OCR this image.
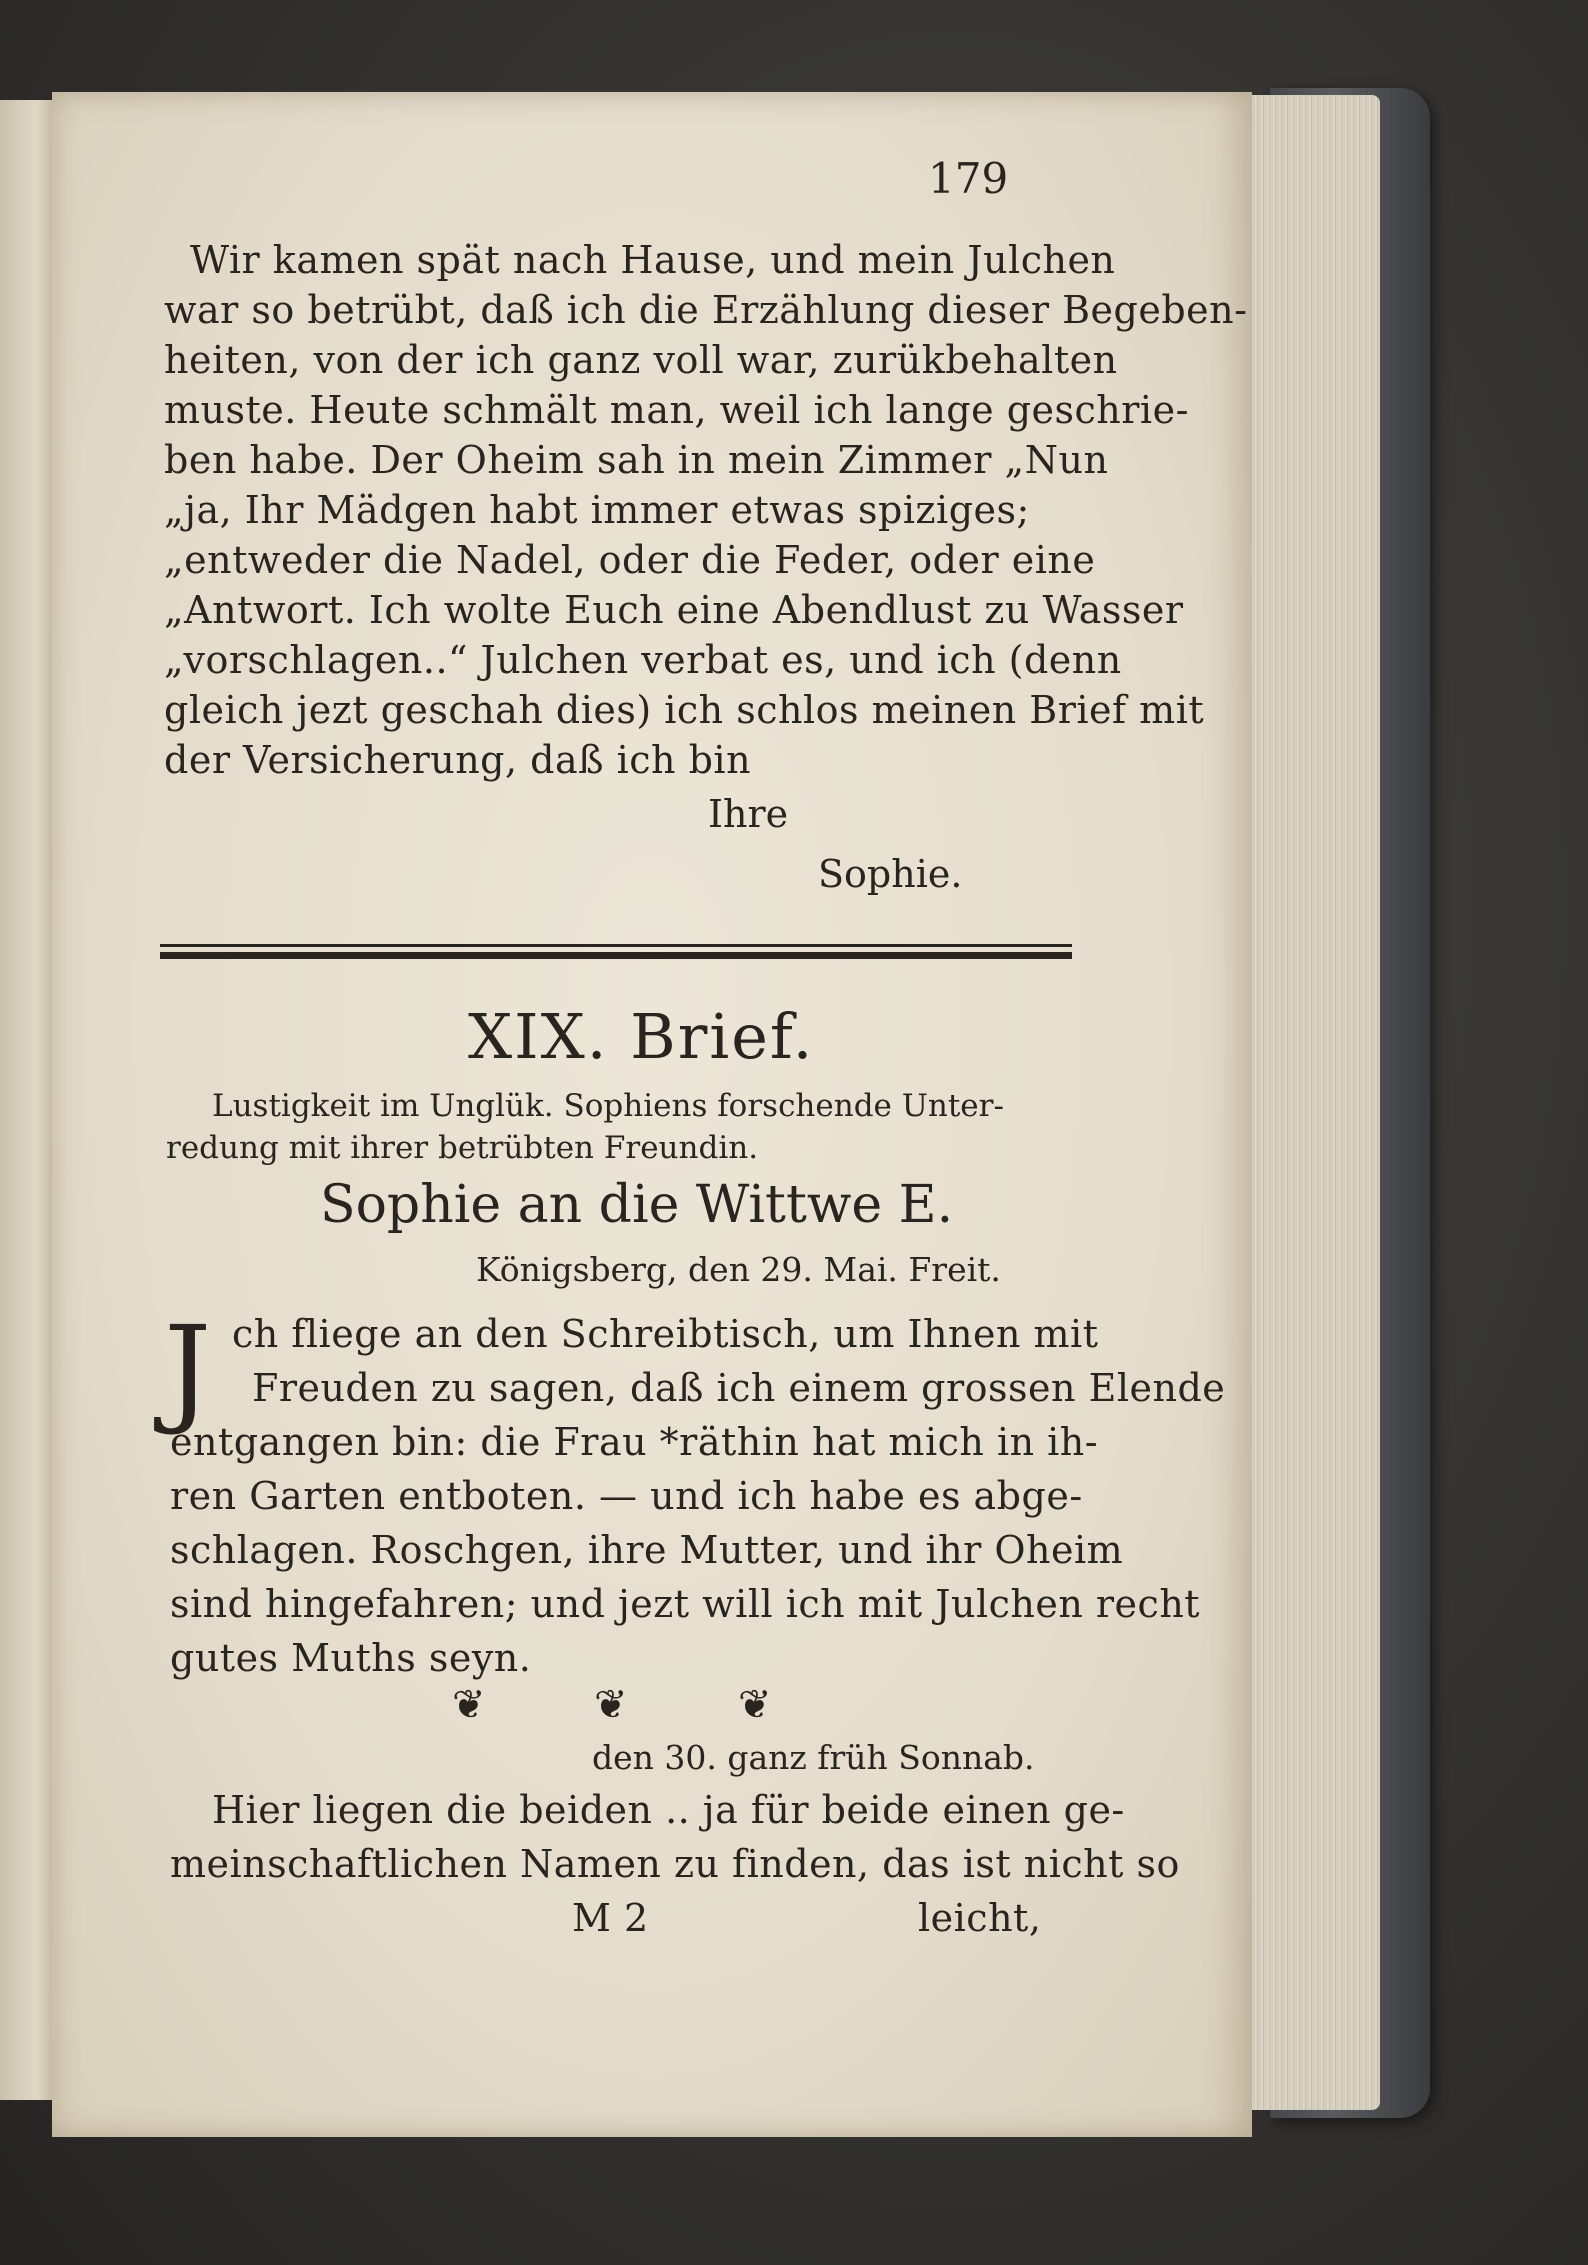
179
Wir kamen spät nach Hause, und mein Julchen
war so betrübt, daß ich die Erzählung dieser Begeben-
heiten, von der ich ganz voll war, zurükbehalten
muste. Heute schmält man, weil ich lange geschrie-
ben habe. Der Oheim sah in mein Zimmer „Nun
„ja, Ihr Mädgen habt immer etwas spiziges;
„entweder die Nadel, oder die Feder, oder eine
„Antwort. Ich wolte Euch eine Abendlust zu Wasser
„vorschlagen..“ Julchen verbat es, und ich (denn
gleich jezt geschah dies) ich schlos meinen Brief mit
der Versicherung, daß ich bin
Ihre
Sophie.
XIX. Brief.
Lustigkeit im Unglük. Sophiens forschende Unter-
redung mit ihrer betrübten Freundin.
Sophie an die Wittwe E.
Königsberg, den 29. Mai. Freit.
J ch fliege an den Schreibtisch, um Ihnen mit
Freuden zu sagen, daß ich einem grossen Elende
entgangen bin: die Frau *räthin hat mich in ih-
ren Garten entboten. — und ich habe es abge-
schlagen. Roschgen, ihre Mutter, und ihr Oheim
sind hingefahren; und jezt will ich mit Julchen recht
gutes Muths seyn.
❦	❦	❦
den 30. ganz früh Sonnab.
Hier liegen die beiden .. ja für beide einen ge-
meinschaftlichen Namen zu finden, das ist nicht so
M 2	leicht,
